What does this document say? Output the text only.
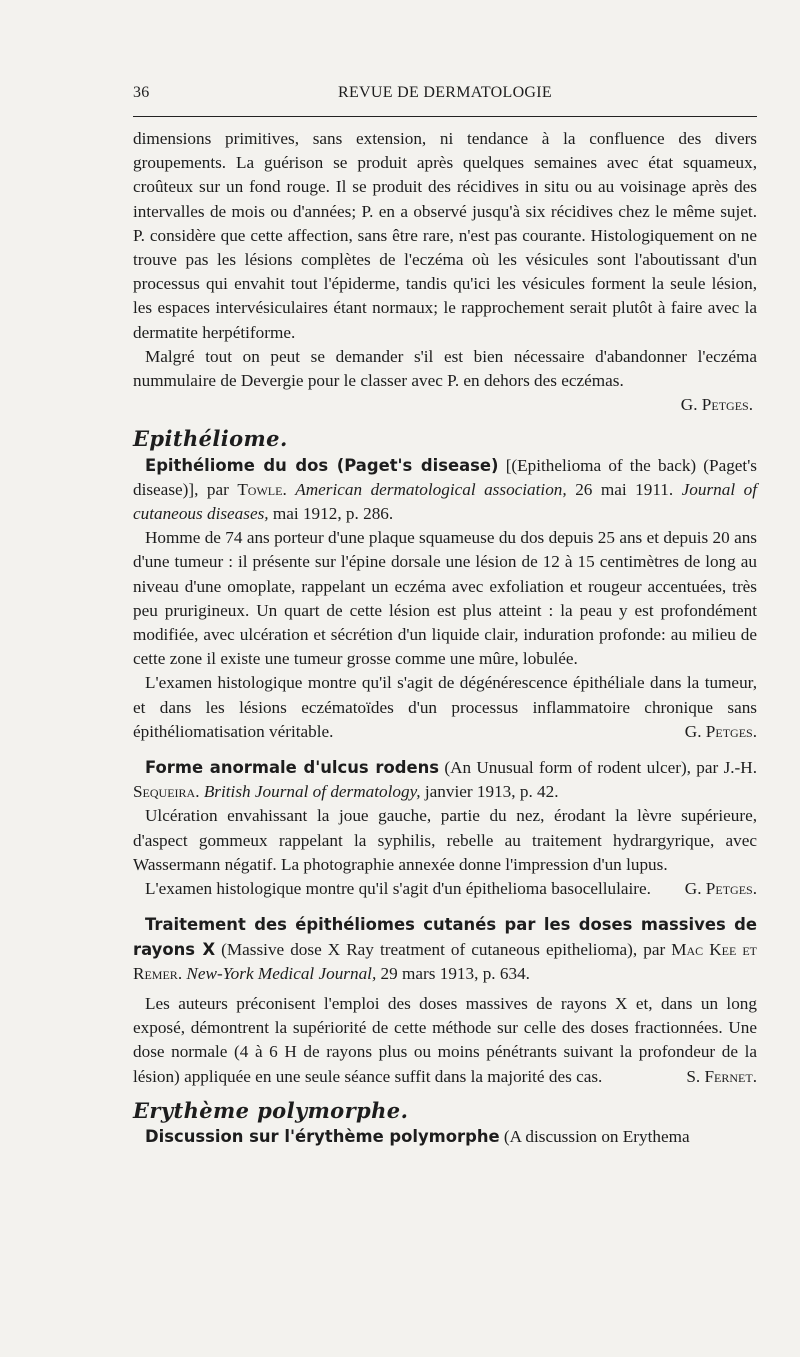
36	REVUE DE DERMATOLOGIE

dimensions primitives, sans extension, ni tendance à la confluence des divers groupements. La guérison se produit après quelques semaines avec état squameux, croûteux sur un fond rouge. Il se produit des récidives in situ ou au voisinage après des intervalles de mois ou d'années; P. en a observé jusqu'à six récidives chez le même sujet. P. considère que cette affection, sans être rare, n'est pas courante. Histologiquement on ne trouve pas les lésions complètes de l'eczéma où les vésicules sont l'aboutissant d'un processus qui envahit tout l'épiderme, tandis qu'ici les vésicules forment la seule lésion, les espaces intervésiculaires étant normaux; le rapprochement serait plutôt à faire avec la dermatite herpétiforme.

Malgré tout on peut se demander s'il est bien nécessaire d'abandonner l'eczéma nummulaire de Devergie pour le classer avec P. en dehors des eczémas.

G. Petges.

Epithéliome.

Epithéliome du dos (Paget's disease) [(Epithelioma of the back) (Paget's disease)], par Towle. American dermatological association, 26 mai 1911. Journal of cutaneous diseases, mai 1912, p. 286.

Homme de 74 ans porteur d'une plaque squameuse du dos depuis 25 ans et depuis 20 ans d'une tumeur : il présente sur l'épine dorsale une lésion de 12 à 15 centimètres de long au niveau d'une omoplate, rappelant un eczéma avec exfoliation et rougeur accentuées, très peu prurigineux. Un quart de cette lésion est plus atteint : la peau y est profondément modifiée, avec ulcération et sécrétion d'un liquide clair, induration profonde: au milieu de cette zone il existe une tumeur grosse comme une mûre, lobulée.

L'examen histologique montre qu'il s'agit de dégénérescence épithéliale dans la tumeur, et dans les lésions eczématoïdes d'un processus inflammatoire chronique sans épithéliomatisation véritable.	G. Petges.

Forme anormale d'ulcus rodens (An Unusual form of rodent ulcer), par J.-H. Sequeira. British Journal of dermatology, janvier 1913, p. 42.

Ulcération envahissant la joue gauche, partie du nez, érodant la lèvre supérieure, d'aspect gommeux rappelant la syphilis, rebelle au traitement hydrargyrique, avec Wassermann négatif. La photographie annexée donne l'impression d'un lupus.

L'examen histologique montre qu'il s'agit d'un épithelioma basocellulaire.	G. Petges.

Traitement des épithéliomes cutanés par les doses massives de rayons X (Massive dose X Ray treatment of cutaneous epithelioma), par Mac Kee et Remer. New-York Medical Journal, 29 mars 1913, p. 634.

Les auteurs préconisent l'emploi des doses massives de rayons X et, dans un long exposé, démontrent la supériorité de cette méthode sur celle des doses fractionnées. Une dose normale (4 à 6 H de rayons plus ou moins pénétrants suivant la profondeur de la lésion) appliquée en une seule séance suffit dans la majorité des cas.	S. Fernet.

Erythème polymorphe.

Discussion sur l'érythème polymorphe (A discussion on Erythema
